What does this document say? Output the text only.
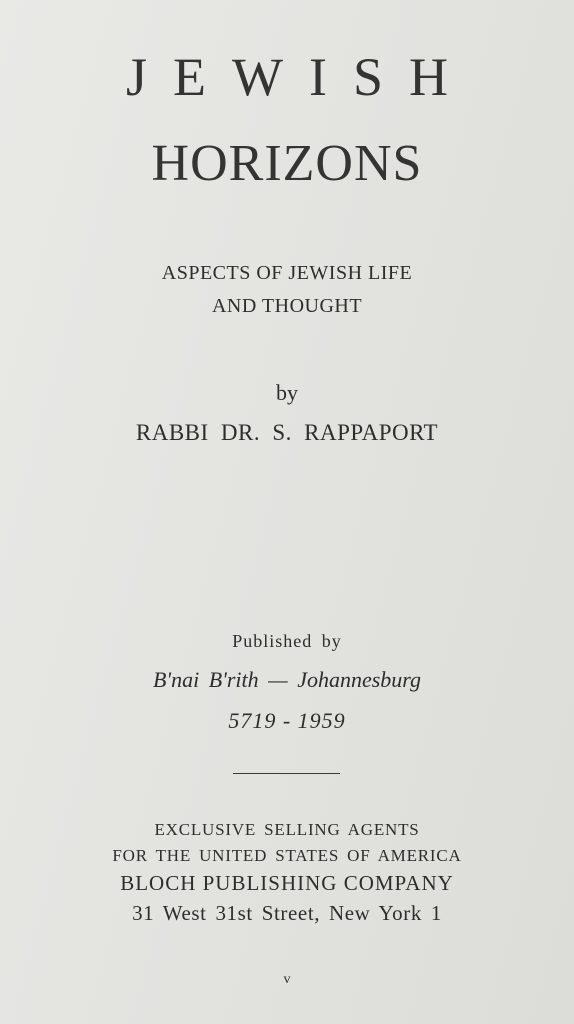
JEWISH
HORIZONS
ASPECTS OF JEWISH LIFE
AND THOUGHT
by
RABBI DR. S. RAPPAPORT
Published by
B'nai B'rith — Johannesburg
5719 - 1959
EXCLUSIVE SELLING AGENTS
FOR THE UNITED STATES OF AMERICA
BLOCH PUBLISHING COMPANY
31 West 31st Street, New York 1
v
